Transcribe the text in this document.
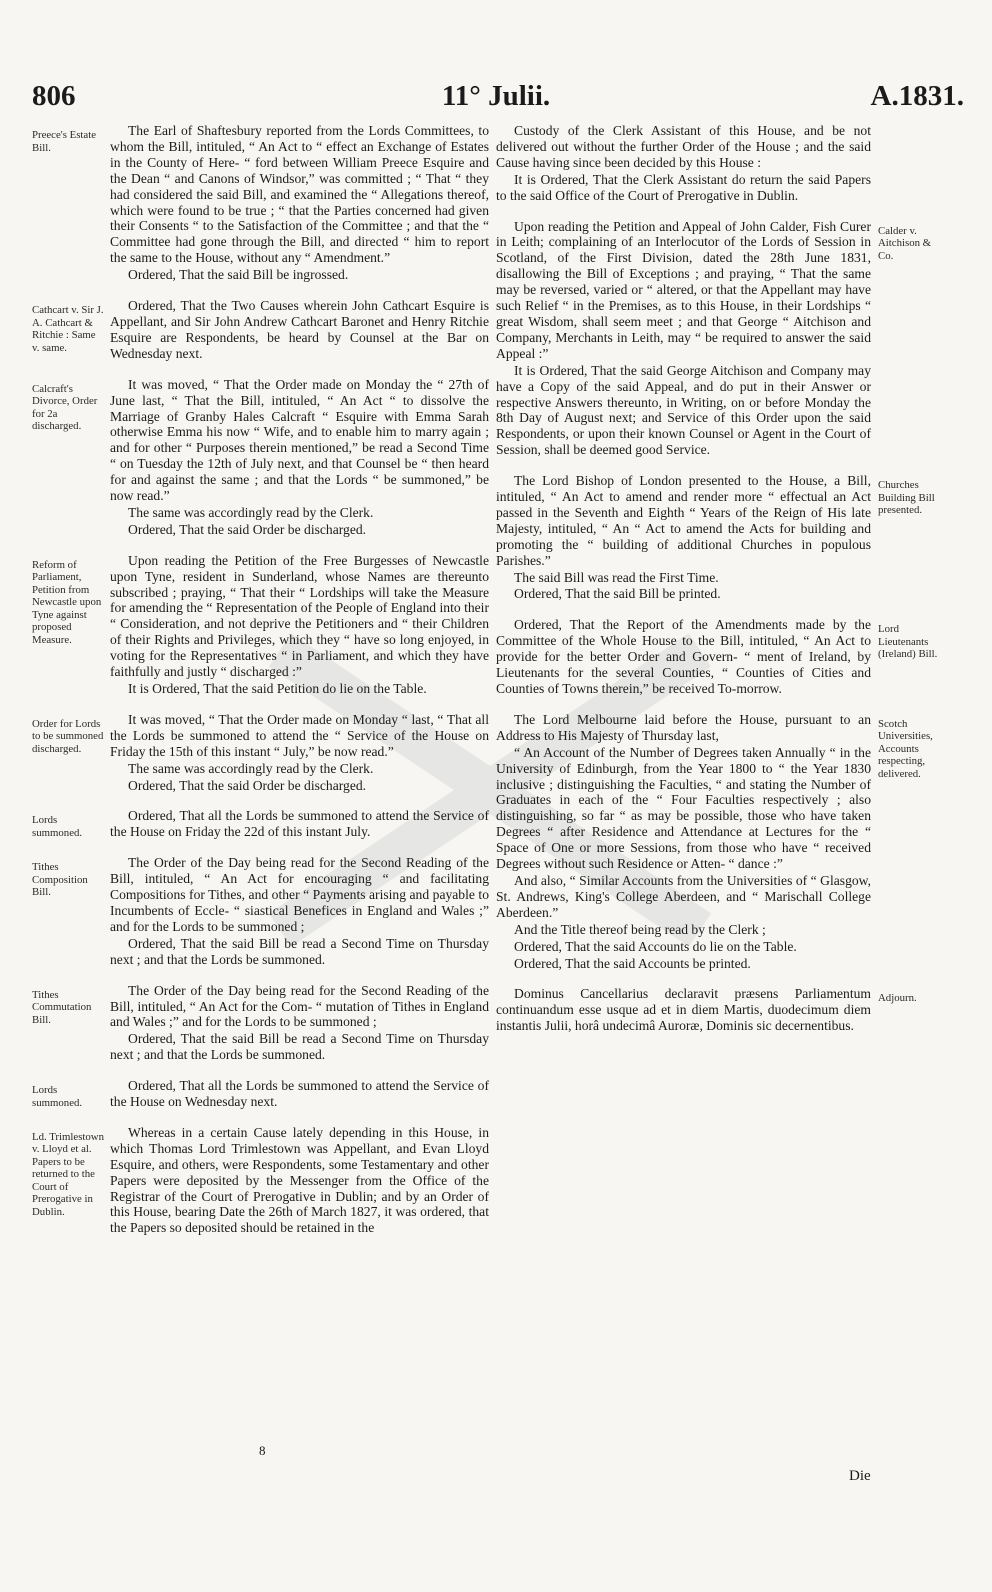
806	11° Julii.	A.1831.
Preece's Estate Bill.

The Earl of Shaftesbury reported from the Lords Committees, to whom the Bill, intituled, “ An Act to “ effect an Exchange of Estates in the County of Here- “ ford between William Preece Esquire and the Dean “ and Canons of Windsor,” was committed ; “ That “ they had considered the said Bill, and examined the “ Allegations thereof, which were found to be true ; “ that the Parties concerned had given their Consents “ to the Satisfaction of the Committee ; and that the “ Committee had gone through the Bill, and directed “ him to report the same to the House, without any “ Amendment.”

Ordered, That the said Bill be ingrossed.

Cathcart v. Sir J. A. Cathcart & Ritchie : Same v. same.

Ordered, That the Two Causes wherein John Cathcart Esquire is Appellant, and Sir John Andrew Cathcart Baronet and Henry Ritchie Esquire are Respondents, be heard by Counsel at the Bar on Wednesday next.

Calcraft's Divorce, Order for 2a discharged.

It was moved, “ That the Order made on Monday the “ 27th of June last, “ That the Bill, intituled, “ An Act “ to dissolve the Marriage of Granby Hales Calcraft “ Esquire with Emma Sarah otherwise Emma his now “ Wife, and to enable him to marry again ; and for other “ Purposes therein mentioned,” be read a Second Time “ on Tuesday the 12th of July next, and that Counsel be “ then heard for and against the same ; and that the Lords “ be summoned,” be now read.”

The same was accordingly read by the Clerk.

Ordered, That the said Order be discharged.

Reform of Parliament, Petition from Newcastle upon Tyne against proposed Measure.

Upon reading the Petition of the Free Burgesses of Newcastle upon Tyne, resident in Sunderland, whose Names are thereunto subscribed ; praying, “ That their “ Lordships will take the Measure for amending the “ Representation of the People of England into their “ Consideration, and not deprive the Petitioners and “ their Children of their Rights and Privileges, which they “ have so long enjoyed, in voting for the Representatives “ in Parliament, and which they have faithfully and justly “ discharged :”

It is Ordered, That the said Petition do lie on the Table.

Order for Lords to be summoned discharged.

It was moved, “ That the Order made on Monday “ last, “ That all the Lords be summoned to attend the “ Service of the House on Friday the 15th of this instant “ July,” be now read.”

The same was accordingly read by the Clerk.

Ordered, That the said Order be discharged.

Lords summoned.

Ordered, That all the Lords be summoned to attend the Service of the House on Friday the 22d of this instant July.

Tithes Composition Bill.

The Order of the Day being read for the Second Reading of the Bill, intituled, “ An Act for encouraging “ and facilitating Compositions for Tithes, and other “ Payments arising and payable to Incumbents of Eccle- “ siastical Benefices in England and Wales ;” and for the Lords to be summoned ;

Ordered, That the said Bill be read a Second Time on Thursday next ; and that the Lords be summoned.

Tithes Commutation Bill.

The Order of the Day being read for the Second Reading of the Bill, intituled, “ An Act for the Com- “ mutation of Tithes in England and Wales ;” and for the Lords to be summoned ;

Ordered, That the said Bill be read a Second Time on Thursday next ; and that the Lords be summoned.

Lords summoned.

Ordered, That all the Lords be summoned to attend the Service of the House on Wednesday next.

Ld. Trimlestown v. Lloyd et al. Papers to be returned to the Court of Prerogative in Dublin.

Whereas in a certain Cause lately depending in this House, in which Thomas Lord Trimlestown was Appellant, and Evan Lloyd Esquire, and others, were Respondents, some Testamentary and other Papers were deposited by the Messenger from the Office of the Registrar of the Court of Prerogative in Dublin; and by an Order of this House, bearing Date the 26th of March 1827, it was ordered, that the Papers so deposited should be retained in the

Custody of the Clerk Assistant of this House, and be not delivered out without the further Order of the House ; and the said Cause having since been decided by this House :

It is Ordered, That the Clerk Assistant do return the said Papers to the said Office of the Court of Prerogative in Dublin.

Calder v. Aitchison & Co.

Upon reading the Petition and Appeal of John Calder, Fish Curer in Leith; complaining of an Interlocutor of the Lords of Session in Scotland, of the First Division, dated the 28th June 1831, disallowing the Bill of Exceptions ; and praying, “ That the same may be reversed, varied or “ altered, or that the Appellant may have such Relief “ in the Premises, as to this House, in their Lordships “ great Wisdom, shall seem meet ; and that George “ Aitchison and Company, Merchants in Leith, may “ be required to answer the said Appeal :”

It is Ordered, That the said George Aitchison and Company may have a Copy of the said Appeal, and do put in their Answer or respective Answers thereunto, in Writing, on or before Monday the 8th Day of August next; and Service of this Order upon the said Respondents, or upon their known Counsel or Agent in the Court of Session, shall be deemed good Service.

Churches Building Bill presented.

The Lord Bishop of London presented to the House, a Bill, intituled, “ An Act to amend and render more “ effectual an Act passed in the Seventh and Eighth “ Years of the Reign of His late Majesty, intituled, “ An “ Act to amend the Acts for building and promoting the “ building of additional Churches in populous Parishes.”

The said Bill was read the First Time.

Ordered, That the said Bill be printed.

Lord Lieutenants (Ireland) Bill.

Ordered, That the Report of the Amendments made by the Committee of the Whole House to the Bill, intituled, “ An Act to provide for the better Order and Govern- “ ment of Ireland, by Lieutenants for the several Counties, “ Counties of Cities and Counties of Towns therein,” be received To-morrow.

Scotch Universities, Accounts respecting, delivered.

The Lord Melbourne laid before the House, pursuant to an Address to His Majesty of Thursday last,

“ An Account of the Number of Degrees taken Annually “ in the University of Edinburgh, from the Year 1800 to “ the Year 1830 inclusive ; distinguishing the Faculties, “ and stating the Number of Graduates in each of the “ Four Faculties respectively ; also distinguishing, so far “ as may be possible, those who have taken Degrees “ after Residence and Attendance at Lectures for the “ Space of One or more Sessions, from those who have “ received Degrees without such Residence or Atten- “ dance :”

And also, “ Similar Accounts from the Universities of “ Glasgow, St. Andrews, King's College Aberdeen, and “ Marischall College Aberdeen.”

And the Title thereof being read by the Clerk ;

Ordered, That the said Accounts do lie on the Table.

Ordered, That the said Accounts be printed.

Adjourn.

Dominus Cancellarius declaravit præsens Parliamentum continuandum esse usque ad et in diem Martis, duodecimum diem instantis Julii, horâ undecimâ Auroræ, Dominis sic decernentibus.

8
Die
